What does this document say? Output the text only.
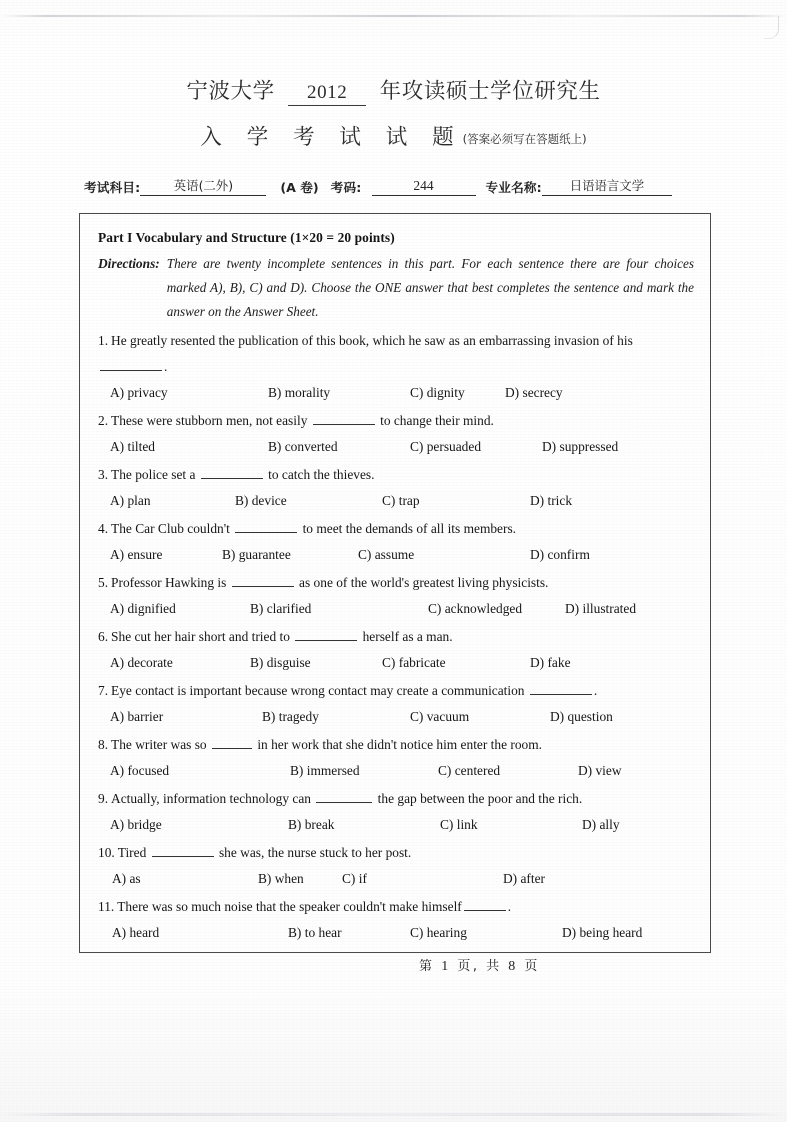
宁波大学 2012 年攻读硕士学位研究生
入 学 考 试 试 题(答案必须写在答题纸上)
考试科目:	英语(二外)	(A 卷) 考码:	244	专业名称:	日语语言文学
Part I Vocabulary and Structure (1×20 = 20 points)
Directions: There are twenty incomplete sentences in this part. For each sentence there are four choices marked A), B), C) and D). Choose the ONE answer that best completes the sentence and mark the answer on the Answer Sheet.
1. He greatly resented the publication of this book, which he saw as an embarrassing invasion of his .
A) privacy	B) morality	C) dignity	D) secrecy
2. These were stubborn men, not easily	to change their mind.
A) tilted	B) converted	C) persuaded	D) suppressed
3. The police set a	to catch the thieves.
A) plan	B) device	C) trap	D) trick
4. The Car Club couldn't	to meet the demands of all its members.
A) ensure	B) guarantee	C) assume	D) confirm
5. Professor Hawking is	as one of the world's greatest living physicists.
A) dignified	B) clarified	C) acknowledged	D) illustrated
6. She cut her hair short and tried to	herself as a man.
A) decorate	B) disguise	C) fabricate	D) fake
7. Eye contact is important because wrong contact may create a communication	.
A) barrier	B) tragedy	C) vacuum	D) question
8. The writer was so	in her work that she didn't notice him enter the room.
A) focused	B) immersed	C) centered	D) view
9. Actually, information technology can	the gap between the poor and the rich.
A) bridge	B) break	C) link	D) ally
10. Tired	she was, the nurse stuck to her post.
A) as	B) when	C) if	D) after
11. There was so much noise that the speaker couldn't make himself	.
A) heard	B) to hear	C) hearing	D) being heard
第 1 页, 共 8 页
